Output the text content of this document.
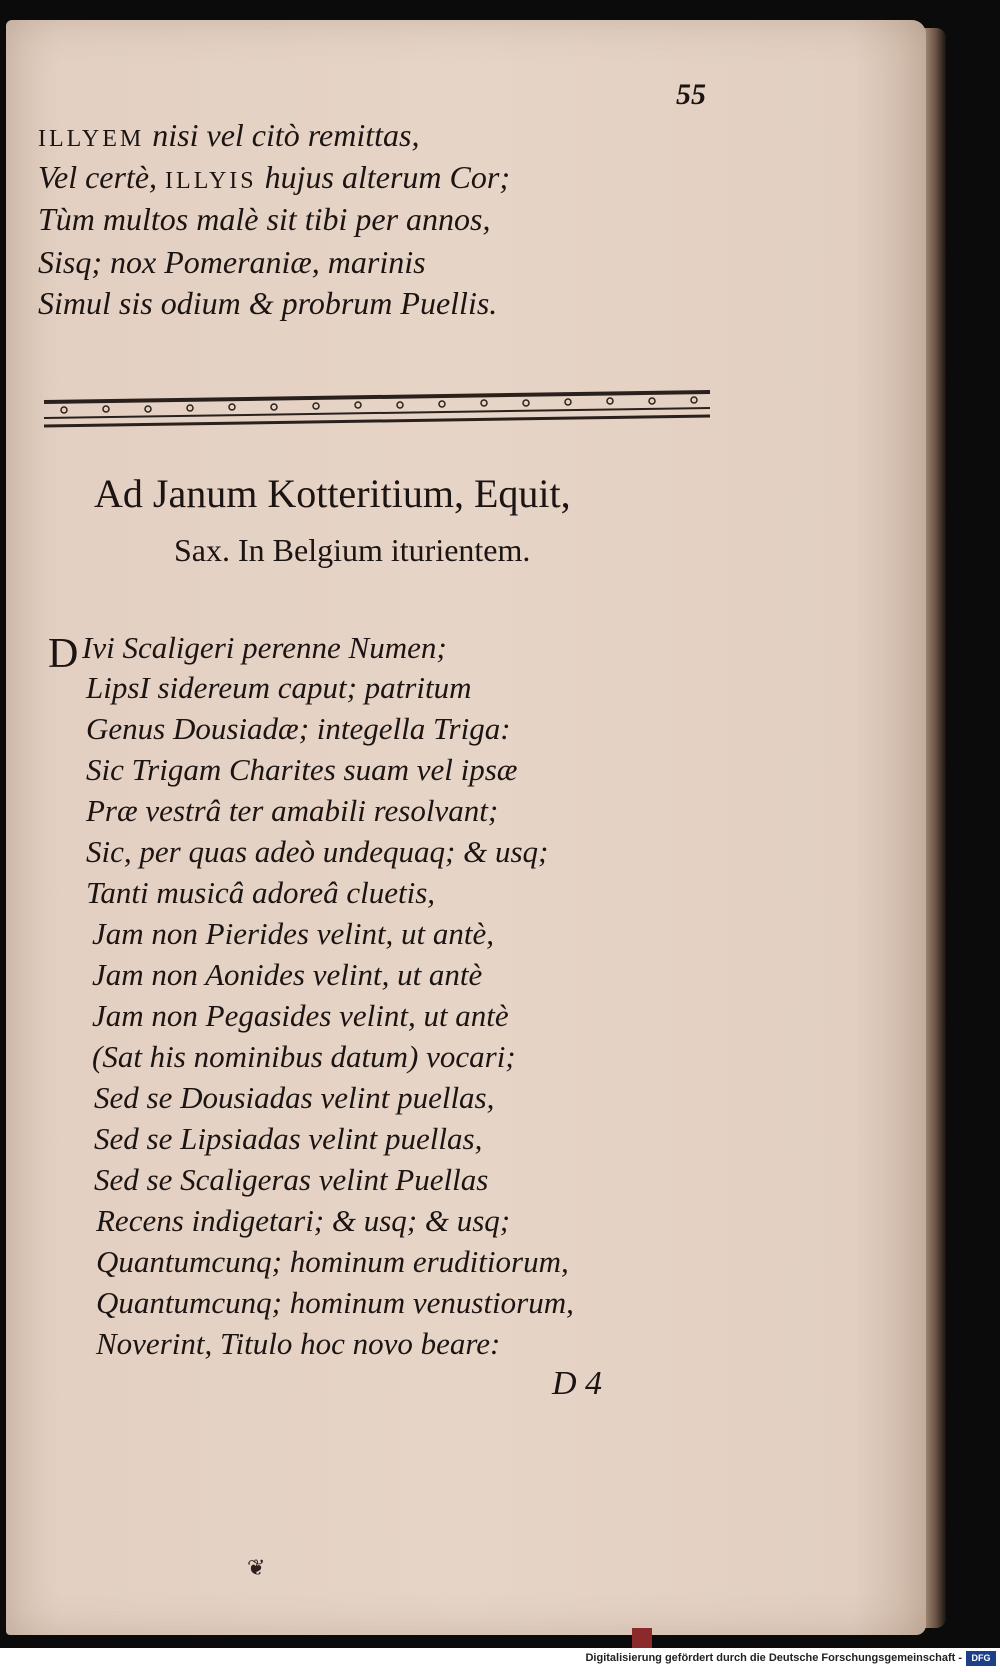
55
ILLYEM nisi vel citò remittas,
Vel certè, ILLYIS hujus alterum Cor;
Tùm multos malè sit tibi per annos,
Sisq; nox Pomeraniæ, marinis
Simul sis odium & probrum Puellis.
Ad Janum Kotteritium, Equit,
Sax. In Belgium iturientem.
D Ivi Scaligeri perenne Numen;
LipsI sidereum caput; patritum
Genus Dousiadæ; integella Triga:
Sic Trigam Charites suam vel ipsæ
Præ vestrâ ter amabili resolvant;
Sic, per quas adeò undequaq; & usq;
Tanti musicâ adoreâ cluetis,
Jam non Pierides velint, ut antè,
Jam non Aonides velint, ut antè
Jam non Pegasides velint, ut antè
(Sat his nominibus datum) vocari;
Sed se Dousiadas velint puellas,
Sed se Lipsiadas velint puellas,
Sed se Scaligeras velint Puellas
Recens indigetari; & usq; & usq;
Quantumcunq; hominum eruditiorum,
Quantumcunq; hominum venustiorum,
Noverint, Titulo hoc novo beare:
D 4
❦
Digitalisierung gefördert durch die Deutsche Forschungsgemeinschaft -	DFG
